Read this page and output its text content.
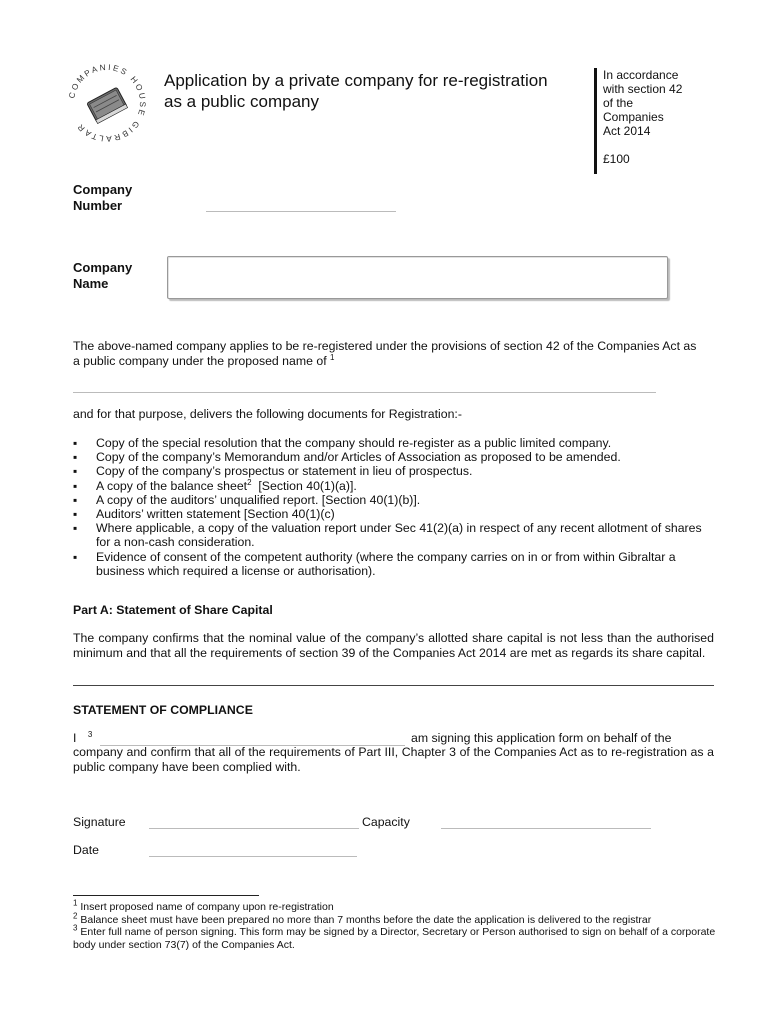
COMPANIES HOUSE GIBRALTAR
Application by a private company for re-registration
as a public company
In accordance
with section 42
of the
Companies
Act 2014
£100
Company
Number
Company
Name
The above-named company applies to be re-registered under the provisions of section 42 of the Companies Act as
a public company under the proposed name of $^1$
and for that purpose, delivers the following documents for Registration:-
▪ Copy of the special resolution that the company should re-register as a public limited company.
▪ Copy of the company’s Memorandum and/or Articles of Association as proposed to be amended.
▪ Copy of the company’s prospectus or statement in lieu of prospectus.
▪ A copy of the balance sheet$^2$ [Section 40(1)(a)].
▪ A copy of the auditors’ unqualified report. [Section 40(1)(b)].
▪ Auditors’ written statement [Section 40(1)(c)
▪ Where applicable, a copy of the valuation report under Sec 41(2)(a) in respect of any recent allotment of shares for a non-cash consideration.
▪ Evidence of consent of the competent authority (where the company carries on in or from within Gibraltar a business which required a license or authorisation).
Part A: Statement of Share Capital
The company confirms that the nominal value of the company’s allotted share capital is not less than the authorised minimum and that all the requirements of section 39 of the Companies Act 2014 are met as regards its share capital.
STATEMENT OF COMPLIANCE
I $^3$	am signing this application form on behalf of the
company and confirm that all of the requirements of Part III, Chapter 3 of the Companies Act as to re-registration as a public company have been complied with.
Signature	Capacity
Date
$^1$ Insert proposed name of company upon re-registration
$^2$ Balance sheet must have been prepared no more than 7 months before the date the application is delivered to the registrar
$^3$ Enter full name of person signing. This form may be signed by a Director, Secretary or Person authorised to sign on behalf of a corporate body under section 73(7) of the Companies Act.
